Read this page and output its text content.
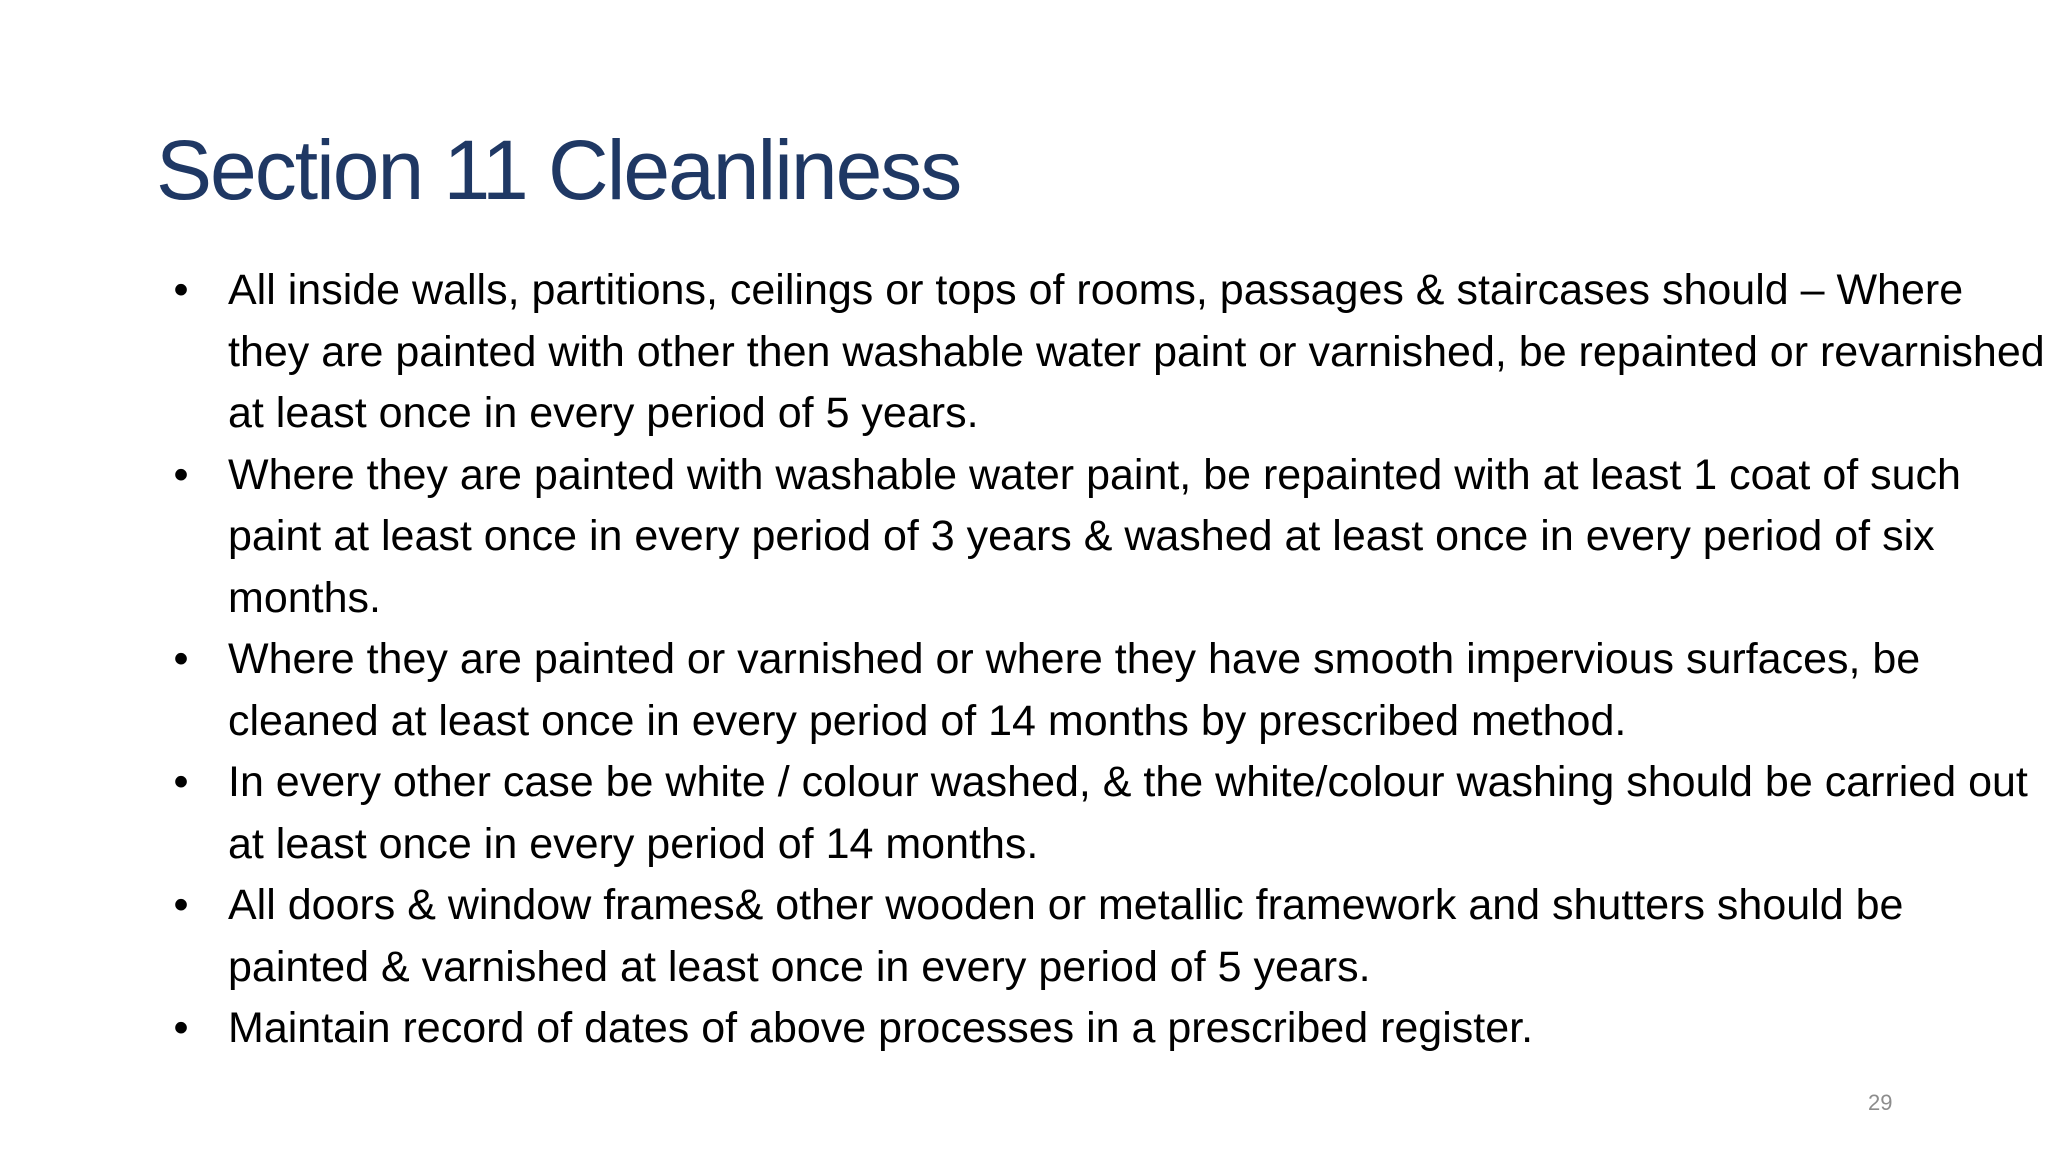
Section 11 Cleanliness
• All inside walls, partitions, ceilings or tops of rooms, passages & staircases should – Where they are painted with other then washable water paint or varnished, be repainted or revarnished at least once in every period of 5 years.
• Where they are painted with washable water paint, be repainted with at least 1 coat of such paint at least once in every period of 3 years & washed at least once in every period of six months.
• Where they are painted or varnished or where they have smooth impervious surfaces, be cleaned at least once in every period of 14 months by prescribed method.
• In every other case be white / colour washed, & the white/colour washing should be carried out at least once in every period of 14 months.
• All doors & window frames& other wooden or metallic framework and shutters should be painted & varnished at least once in every period of 5 years.
• Maintain record of dates of above processes in a prescribed register.
29
